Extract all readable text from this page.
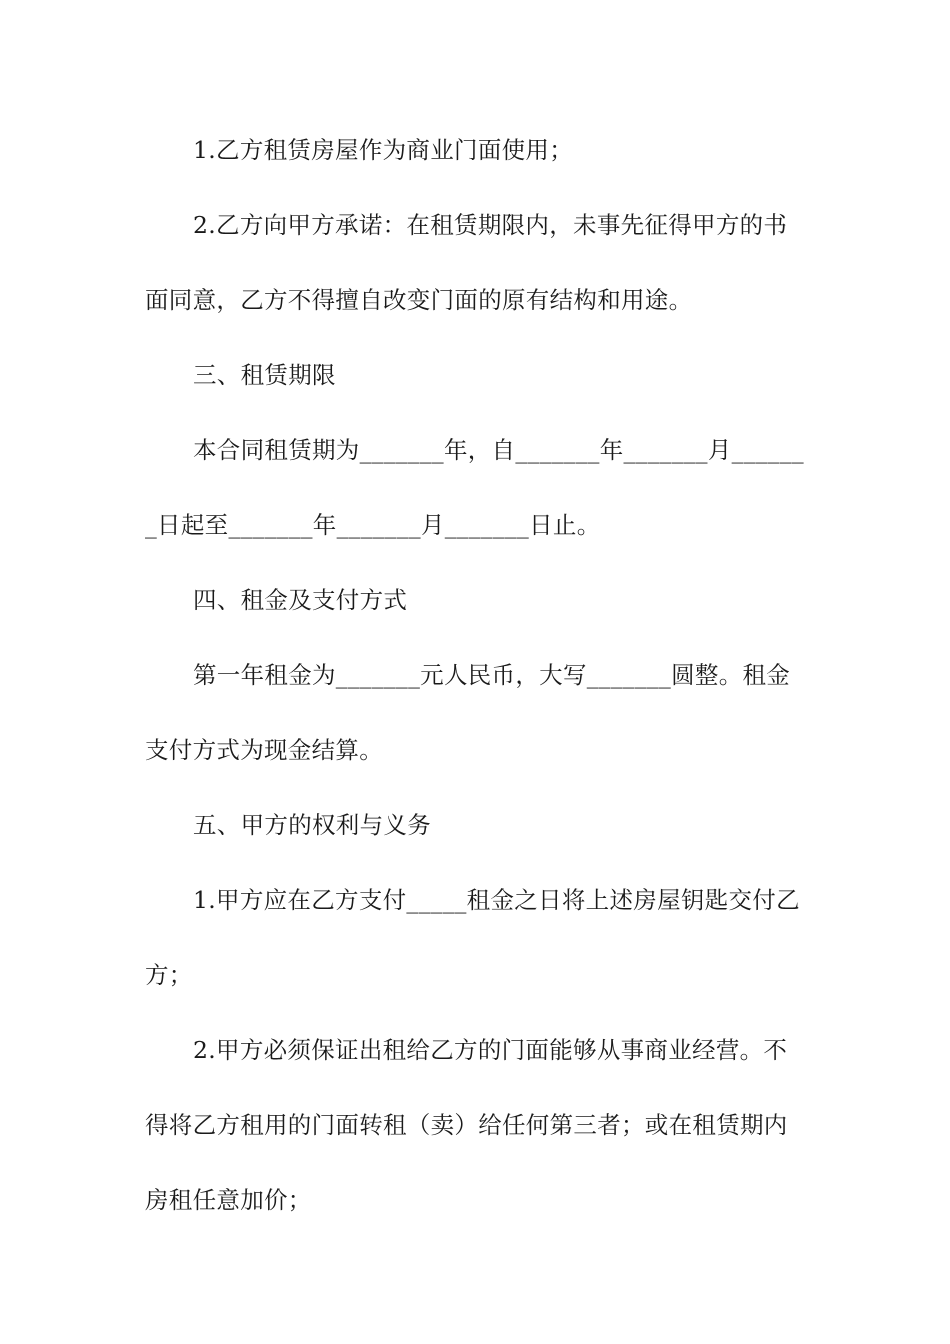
1.乙方租赁房屋作为商业门面使用；
2.乙方向甲方承诺：在租赁期限内，未事先征得甲方的书
面同意，乙方不得擅自改变门面的原有结构和用途。
三、租赁期限
本合同租赁期为_______年，自_______年_______月______
_日起至_______年_______月_______日止。
四、租金及支付方式
第一年租金为_______元人民币，大写_______圆整。租金
支付方式为现金结算。
五、甲方的权利与义务
1.甲方应在乙方支付_____租金之日将上述房屋钥匙交付乙
方；
2.甲方必须保证出租给乙方的门面能够从事商业经营。不
得将乙方租用的门面转租（卖）给任何第三者；或在租赁期内
房租任意加价；
